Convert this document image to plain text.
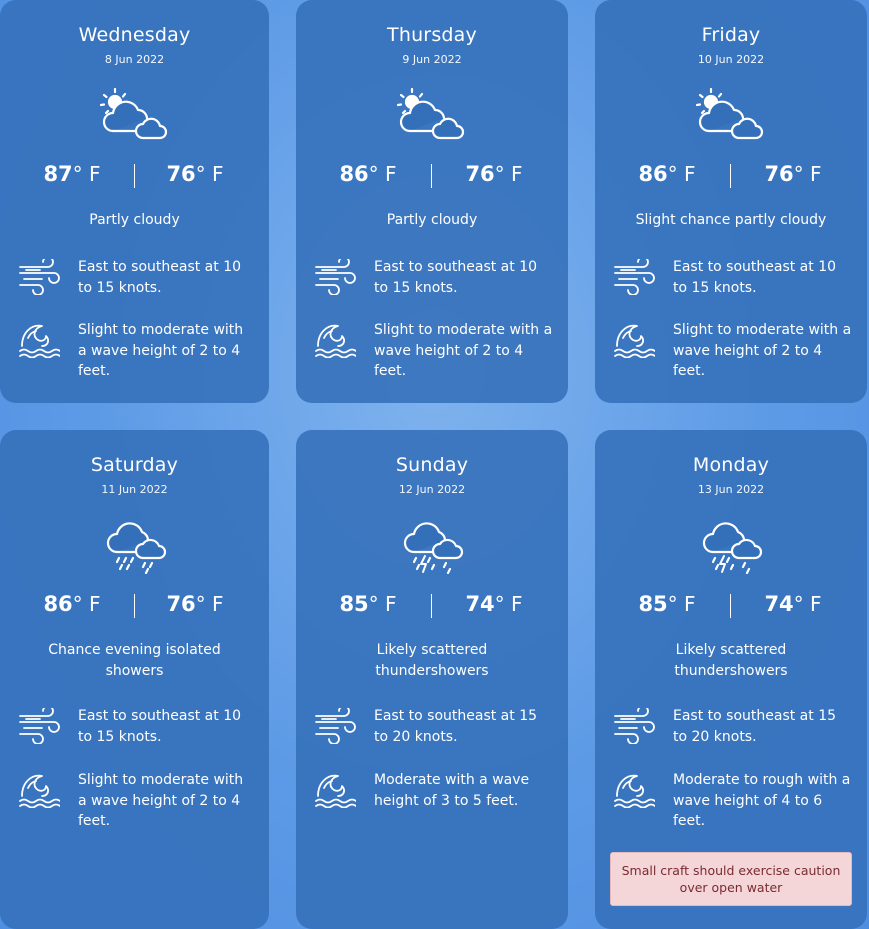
Wednesday
8 Jun 2022
87° F	76° F
Partly cloudy
East to southeast at 10 to 15 knots.
Slight to moderate with a wave height of 2 to 4 feet.
Thursday
9 Jun 2022
86° F	76° F
Partly cloudy
East to southeast at 10 to 15 knots.
Slight to moderate with a wave height of 2 to 4 feet.
Friday
10 Jun 2022
86° F	76° F
Slight chance partly cloudy
East to southeast at 10 to 15 knots.
Slight to moderate with a wave height of 2 to 4 feet.
Saturday
11 Jun 2022
86° F	76° F
Chance evening isolated showers
East to southeast at 10 to 15 knots.
Slight to moderate with a wave height of 2 to 4 feet.
Sunday
12 Jun 2022
85° F	74° F
Likely scattered thundershowers
East to southeast at 15 to 20 knots.
Moderate with a wave height of 3 to 5 feet.
Monday
13 Jun 2022
85° F	74° F
Likely scattered thundershowers
East to southeast at 15 to 20 knots.
Moderate to rough with a wave height of 4 to 6 feet.
Small craft should exercise caution over open water
